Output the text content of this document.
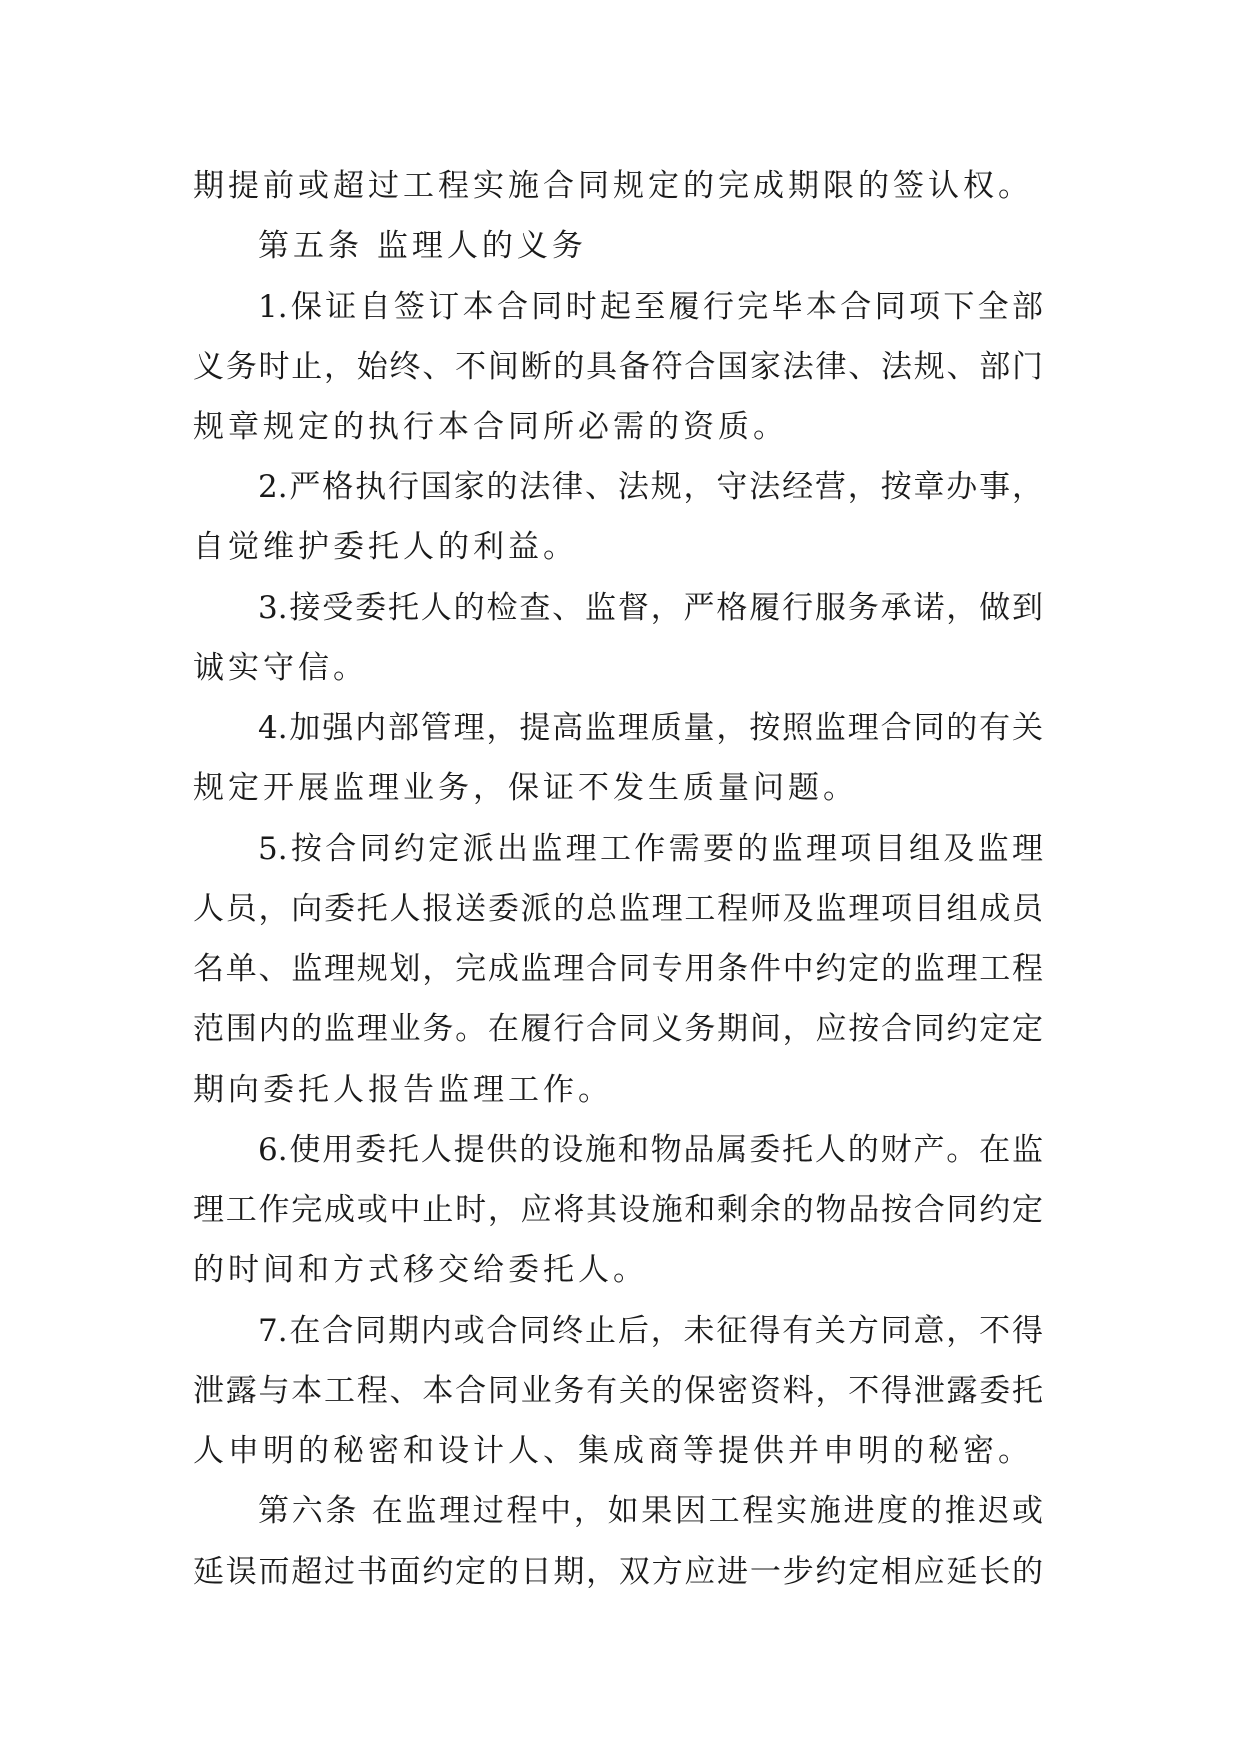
期提前或超过工程实施合同规定的完成期限的签认权。
第五条 监理人的义务
1.保证自签订本合同时起至履行完毕本合同项下全部
义务时止，始终、不间断的具备符合国家法律、法规、部门
规章规定的执行本合同所必需的资质。
2.严格执行国家的法律、法规，守法经营，按章办事，
自觉维护委托人的利益。
3.接受委托人的检查、监督，严格履行服务承诺，做到
诚实守信。
4.加强内部管理，提高监理质量，按照监理合同的有关
规定开展监理业务，保证不发生质量问题。
5.按合同约定派出监理工作需要的监理项目组及监理
人员，向委托人报送委派的总监理工程师及监理项目组成员
名单、监理规划，完成监理合同专用条件中约定的监理工程
范围内的监理业务。在履行合同义务期间，应按合同约定定
期向委托人报告监理工作。
6.使用委托人提供的设施和物品属委托人的财产。在监
理工作完成或中止时，应将其设施和剩余的物品按合同约定
的时间和方式移交给委托人。
7.在合同期内或合同终止后，未征得有关方同意，不得
泄露与本工程、本合同业务有关的保密资料，不得泄露委托
人申明的秘密和设计人、集成商等提供并申明的秘密。
第六条 在监理过程中，如果因工程实施进度的推迟或
延误而超过书面约定的日期，双方应进一步约定相应延长的
